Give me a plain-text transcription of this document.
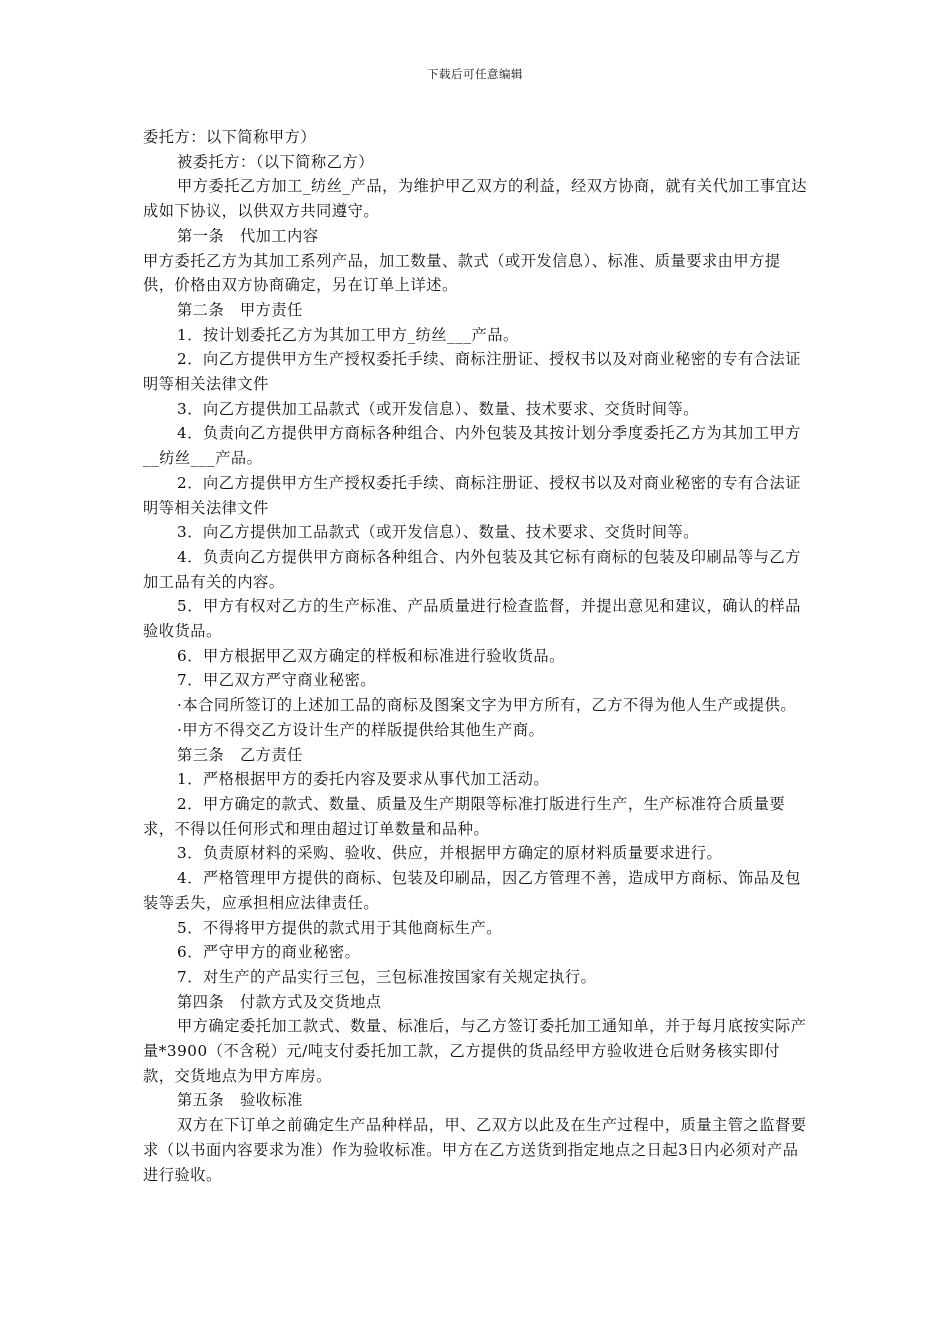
下载后可任意编辑

委托方：以下简称甲方）

被委托方：（以下简称乙方）

甲方委托乙方加工_纺丝_产品，为维护甲乙双方的利益，经双方协商，就有关代加工事宜达成如下协议，以供双方共同遵守。

第一条　代加工内容

甲方委托乙方为其加工系列产品，加工数量、款式（或开发信息）、标准、质量要求由甲方提供，价格由双方协商确定，另在订单上详述。

第二条　甲方责任

1．按计划委托乙方为其加工甲方_纺丝___产品。

2．向乙方提供甲方生产授权委托手续、商标注册证、授权书以及对商业秘密的专有合法证明等相关法律文件

3．向乙方提供加工品款式（或开发信息）、数量、技术要求、交货时间等。

4．负责向乙方提供甲方商标各种组合、内外包装及其按计划分季度委托乙方为其加工甲方__纺丝___产品。

2．向乙方提供甲方生产授权委托手续、商标注册证、授权书以及对商业秘密的专有合法证明等相关法律文件

3．向乙方提供加工品款式（或开发信息）、数量、技术要求、交货时间等。

4．负责向乙方提供甲方商标各种组合、内外包装及其它标有商标的包装及印刷品等与乙方加工品有关的内容。

5．甲方有权对乙方的生产标准、产品质量进行检查监督，并提出意见和建议，确认的样品验收货品。

6．甲方根据甲乙双方确定的样板和标准进行验收货品。

7．甲乙双方严守商业秘密。

·本合同所签订的上述加工品的商标及图案文字为甲方所有，乙方不得为他人生产或提供。

·甲方不得交乙方设计生产的样版提供给其他生产商。

第三条　乙方责任

1．严格根据甲方的委托内容及要求从事代加工活动。

2．甲方确定的款式、数量、质量及生产期限等标准打版进行生产，生产标准符合质量要求，不得以任何形式和理由超过订单数量和品种。

3．负责原材料的采购、验收、供应，并根据甲方确定的原材料质量要求进行。

4．严格管理甲方提供的商标、包装及印刷品，因乙方管理不善，造成甲方商标、饰品及包装等丢失，应承担相应法律责任。

5．不得将甲方提供的款式用于其他商标生产。

6．严守甲方的商业秘密。

7．对生产的产品实行三包，三包标准按国家有关规定执行。

第四条　付款方式及交货地点

甲方确定委托加工款式、数量、标准后，与乙方签订委托加工通知单，并于每月底按实际产量*3900（不含税）元/吨支付委托加工款，乙方提供的货品经甲方验收进仓后财务核实即付款，交货地点为甲方库房。

第五条　验收标准

双方在下订单之前确定生产品种样品，甲、乙双方以此及在生产过程中，质量主管之监督要求（以书面内容要求为准）作为验收标准。甲方在乙方送货到指定地点之日起3日内必须对产品进行验收。
